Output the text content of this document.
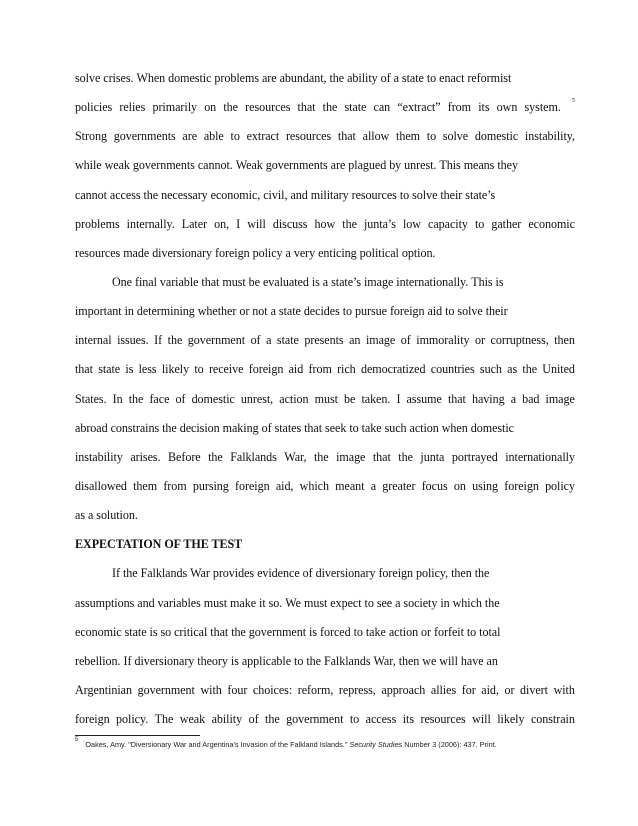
solve
crises.
When
domestic
problems
are
abundant,
the
ability
of
a
state
to
enact
reformist
policies relies primarily on the resources that the state can “extract” from its own system. $^5$
Strong governments are able to extract resources that allow them to solve domestic instability,
while
weak
governments
cannot.
Weak
governments
are
plagued
by
unrest.
This
means
they
cannot
access
the
necessary
economic,
civil,
and
military
resources
to
solve
their
state’s
problems internally. Later on, I will discuss how the junta’s low capacity to gather economic
resources
made
diversionary
foreign
policy
a
very
enticing
political
option.
One
final
variable
that
must
be
evaluated
is
a
state’s
image
internationally.
This
is
important
in
determining
whether
or
not
a
state
decides
to
pursue
foreign
aid
to
solve
their
internal issues. If the government of a state presents an image of immorality or corruptness, then
that state is less likely to receive foreign aid from rich democratized countries such as the United
States. In the face of domestic unrest, action must be taken. I assume that having a bad image
abroad
constrains
the
decision
making
of
states
that
seek
to
take
such
action
when
domestic
instability arises. Before the Falklands War, the image that the junta portrayed internationally
disallowed them from pursing foreign aid, which meant a greater focus on using foreign policy
as
a
solution.
EXPECTATION OF THE TEST
If
the
Falklands
War
provides
evidence
of
diversionary
foreign
policy,
then
the
assumptions
and
variables
must
make
it
so.
We
must
expect
to
see
a
society
in
which
the
economic
state
is
so
critical
that
the
government
is
forced
to
take
action
or
forfeit
to
total
rebellion.
If
diversionary
theory
is
applicable
to
the
Falklands
War,
then
we
will
have
an
Argentinian government with four choices: reform, repress, approach allies for aid, or divert with
foreign policy. The weak ability of the government to access its resources will likely constrain
$^5$ Oakes, Amy. "Diversionary War and Argentina's Invasion of the Falkland Islands." Security Studies Number 3 (2006): 437. Print.
